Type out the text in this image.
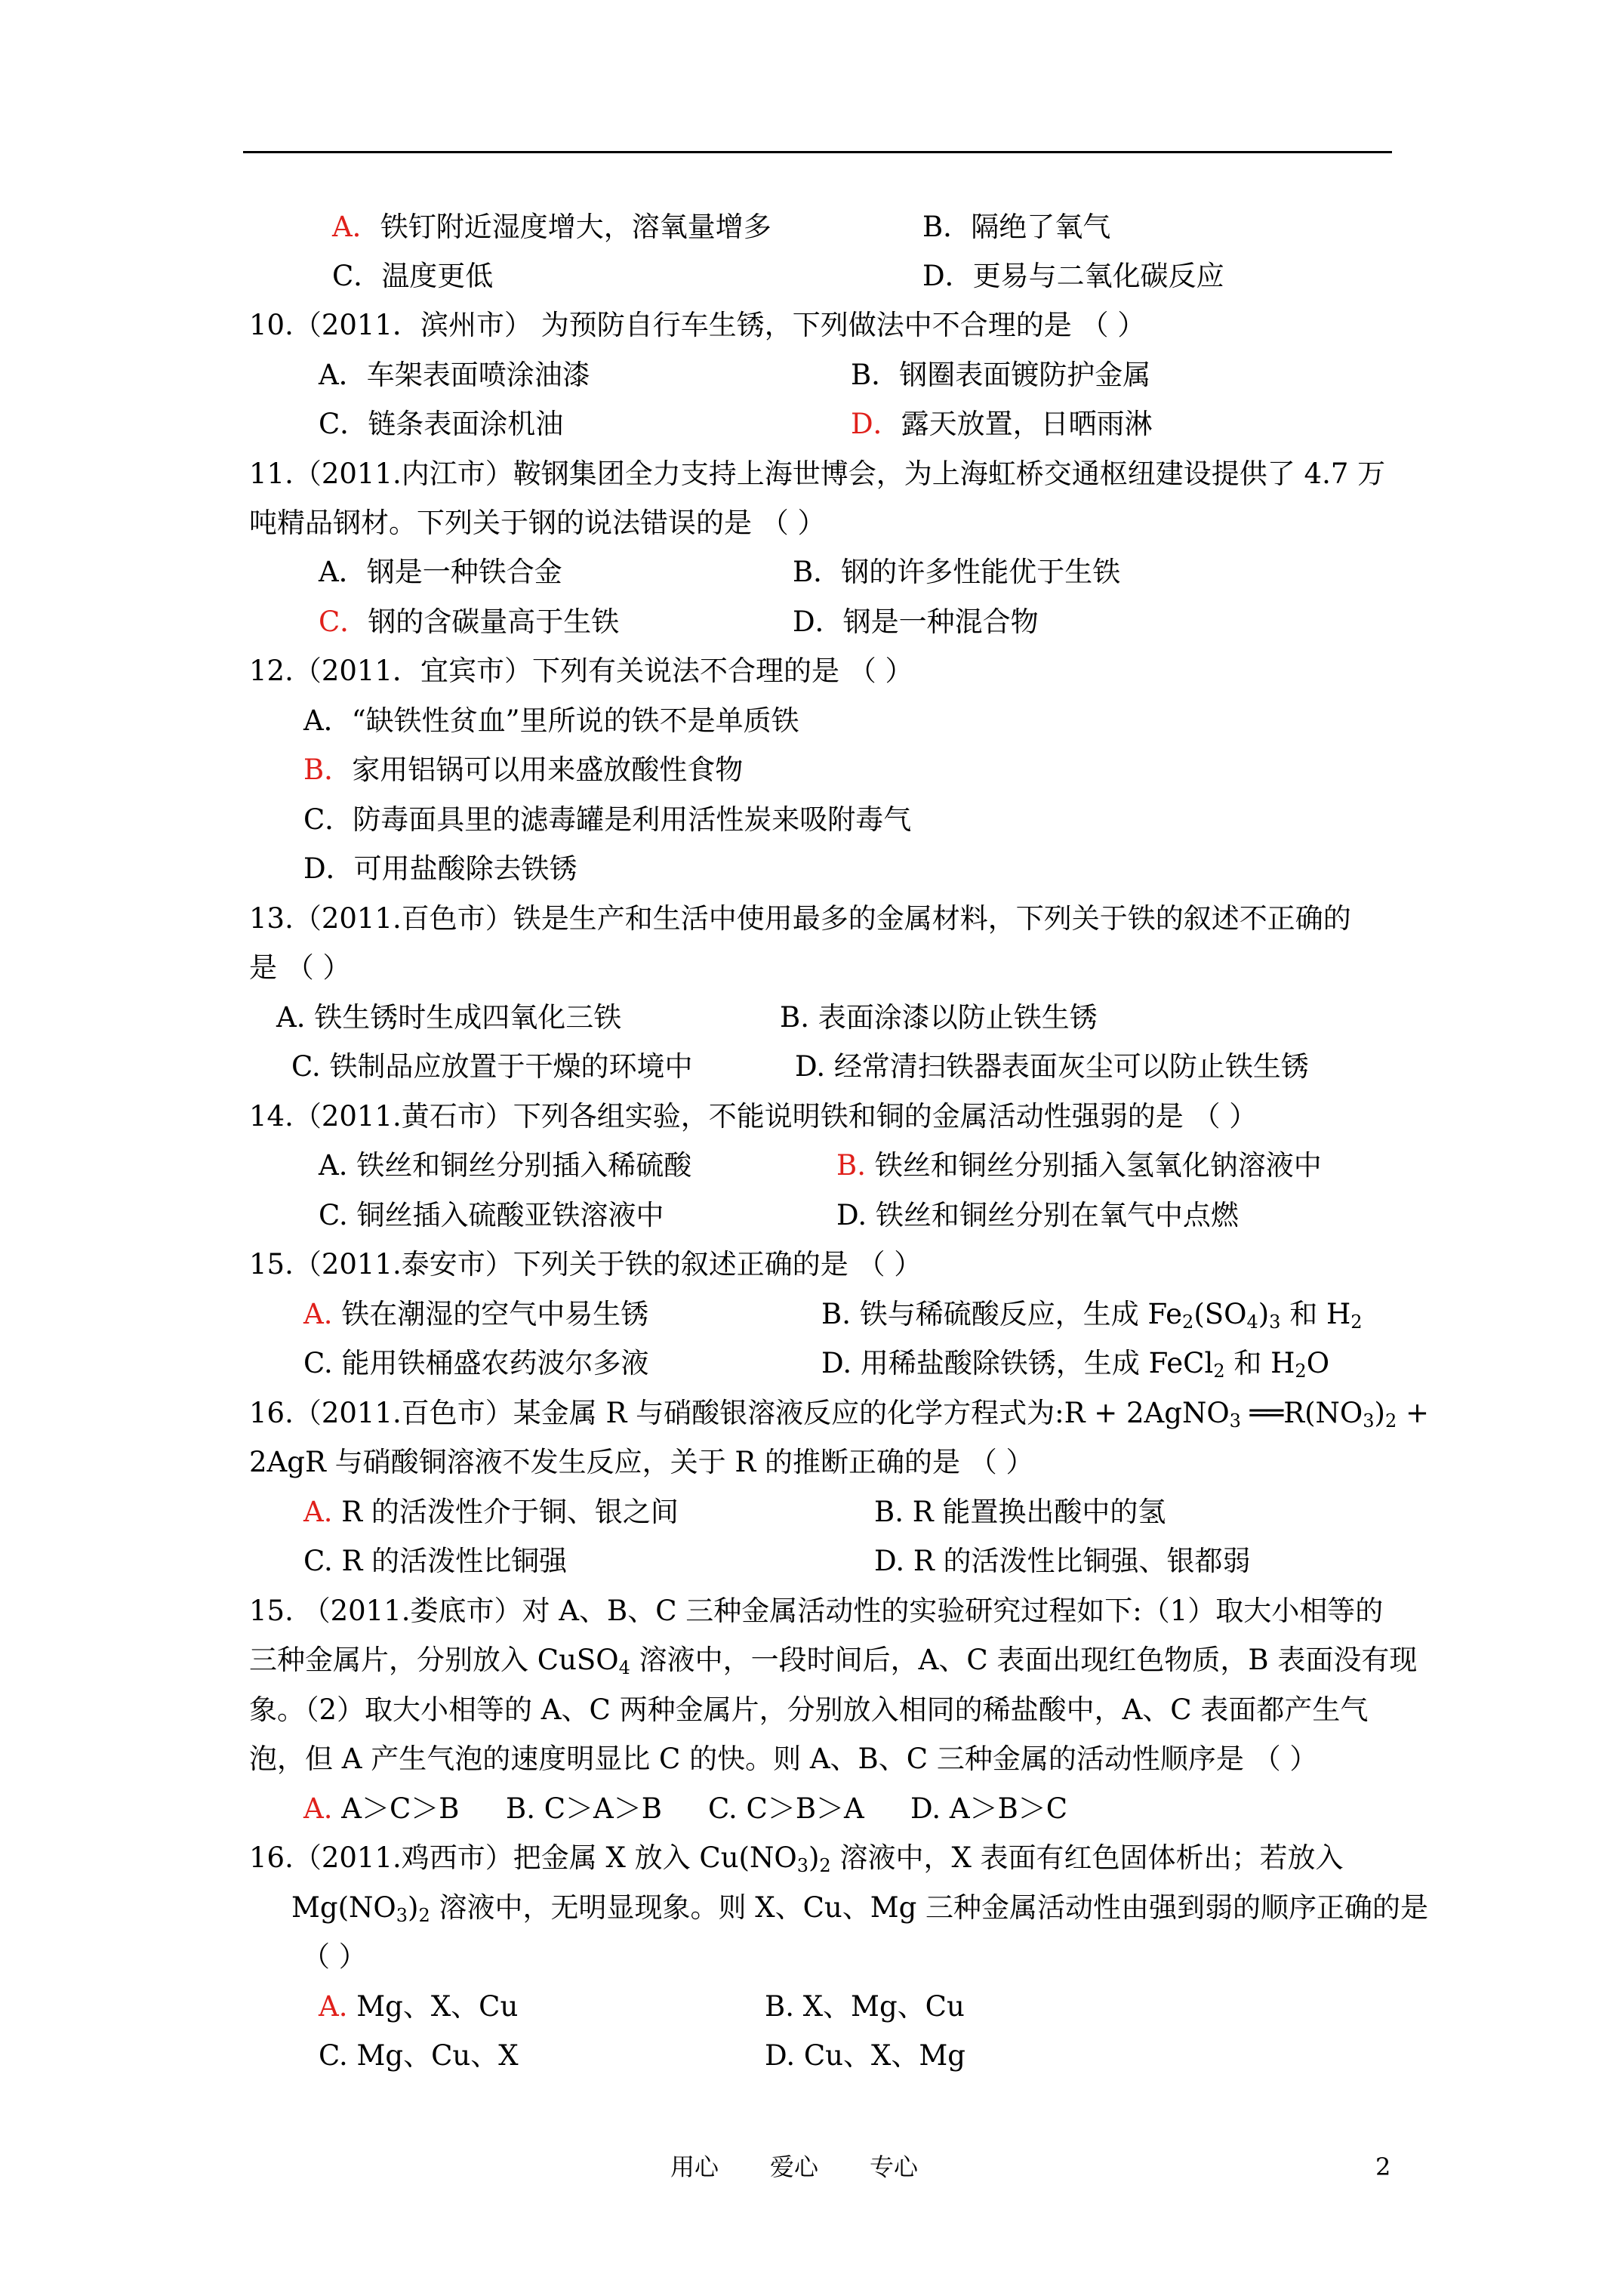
A．铁钉附近湿度增大，溶氧量增多	B．隔绝了氧气
C．温度更低	D．更易与二氧化碳反应
10.（2011．滨州市） 为预防自行车生锈，下列做法中不合理的是 （ ）
A．车架表面喷涂油漆	B．钢圈表面镀防护金属
C．链条表面涂机油	D．露天放置，日晒雨淋
11.（2011.内江市）鞍钢集团全力支持上海世博会，为上海虹桥交通枢纽建设提供了 4.7 万
吨精品钢材。下列关于钢的说法错误的是 （ ）
A．钢是一种铁合金	B．钢的许多性能优于生铁
C．钢的含碳量高于生铁	D．钢是一种混合物
12.（2011．宜宾市）下列有关说法不合理的是 （ ）
A．“缺铁性贫血”里所说的铁不是单质铁
B．家用铝锅可以用来盛放酸性食物
C．防毒面具里的滤毒罐是利用活性炭来吸附毒气
D．可用盐酸除去铁锈
13.（2011.百色市）铁是生产和生活中使用最多的金属材料，下列关于铁的叙述不正确的
是 （ ）
A. 铁生锈时生成四氧化三铁	B. 表面涂漆以防止铁生锈
C. 铁制品应放置于干燥的环境中	D. 经常清扫铁器表面灰尘可以防止铁生锈
14.（2011.黄石市）下列各组实验，不能说明铁和铜的金属活动性强弱的是 （ ）
A. 铁丝和铜丝分别插入稀硫酸	B. 铁丝和铜丝分别插入氢氧化钠溶液中
C. 铜丝插入硫酸亚铁溶液中	D. 铁丝和铜丝分别在氧气中点燃
15.（2011.泰安市）下列关于铁的叙述正确的是 （ ）
A. 铁在潮湿的空气中易生锈	B. 铁与稀硫酸反应，生成 $Fe_2(SO_4)_3$ 和 $H_2$
C. 能用铁桶盛农药波尔多液	D. 用稀盐酸除铁锈，生成 FeCl$_2$ 和 $H_2O$
16.（2011.百色市）某金属 R 与硝酸银溶液反应的化学方程式为:R + 2AgNO$_3$ $══R(NO_3)_2$ +
2AgR 与硝酸铜溶液不发生反应，关于 R 的推断正确的是 （ ）
A. R 的活泼性介于铜、银之间	B. R 能置换出酸中的氢
C. R 的活泼性比铜强	D. R 的活泼性比铜强、银都弱
15. （2011.娄底市）对 A、B、C 三种金属活动性的实验研究过程如下:（1）取大小相等的
三种金属片，分别放入 CuSO$_4$ 溶液中，一段时间后，A、C 表面出现红色物质，B 表面没有现
象。（2）取大小相等的 A、C 两种金属片，分别放入相同的稀盐酸中，A、C 表面都产生气
泡，但 A 产生气泡的速度明显比 C 的快。则 A、B、C 三种金属的活动性顺序是 （ ）
A. A＞C＞B B. C＞A＞B C. C＞B＞A D. A＞B＞C
16.（2011.鸡西市）把金属 X 放入 $Cu(NO_3)_2$ 溶液中，X 表面有红色固体析出；若放入
$Mg(NO_3)_2$ 溶液中，无明显现象。则 X、Cu、Mg 三种金属活动性由强到弱的顺序正确的是
（ ）
A. Mg、X、Cu	B. X、Mg、Cu
C. Mg、Cu、X	D. Cu、X、Mg
用心 爱心 专心	2
